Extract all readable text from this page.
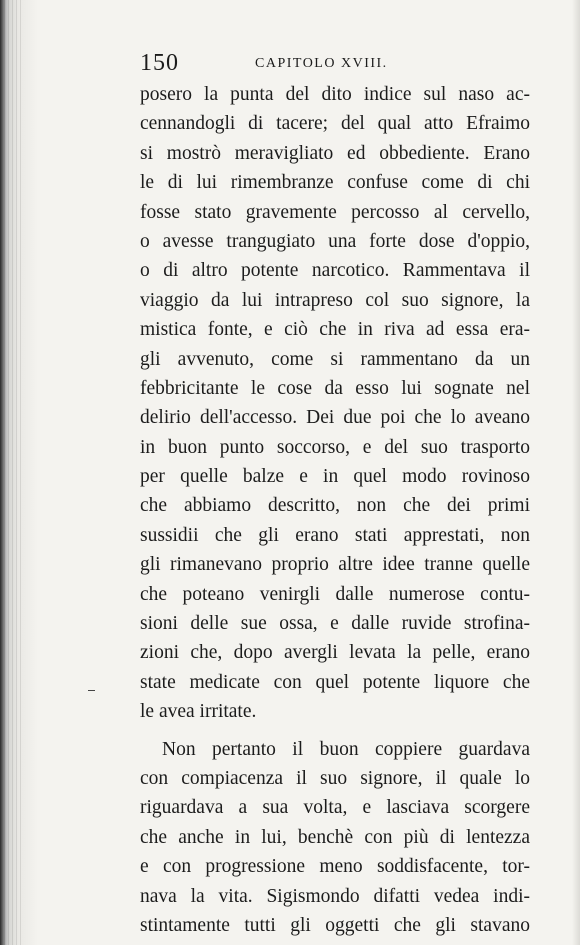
150	CAPITOLO XVIII.
posero la punta del dito indice sul naso ac-
cennandogli di tacere; del qual atto Efraimo
si mostrò meravigliato ed obbediente. Erano
le di lui rimembranze confuse come di chi
fosse stato gravemente percosso al cervello,
o avesse trangugiato una forte dose d'oppio,
o di altro potente narcotico. Rammentava il
viaggio da lui intrapreso col suo signore, la
mistica fonte, e ciò che in riva ad essa era-
gli avvenuto, come si rammentano da un
febbricitante le cose da esso lui sognate nel
delirio dell'accesso. Dei due poi che lo aveano
in buon punto soccorso, e del suo trasporto
per quelle balze e in quel modo rovinoso
che abbiamo descritto, non che dei primi
sussidii che gli erano stati apprestati, non
gli rimanevano proprio altre idee tranne quelle
che poteano venirgli dalle numerose contu-
sioni delle sue ossa, e dalle ruvide strofina-
zioni che, dopo avergli levata la pelle, erano
state medicate con quel potente liquore che
le avea irritate.
Non pertanto il buon coppiere guardava
con compiacenza il suo signore, il quale lo
riguardava a sua volta, e lasciava scorgere
che anche in lui, benchè con più di lentezza
e con progressione meno soddisfacente, tor-
nava la vita. Sigismondo difatti vedea indi-
stintamente tutti gli oggetti che gli stavano
